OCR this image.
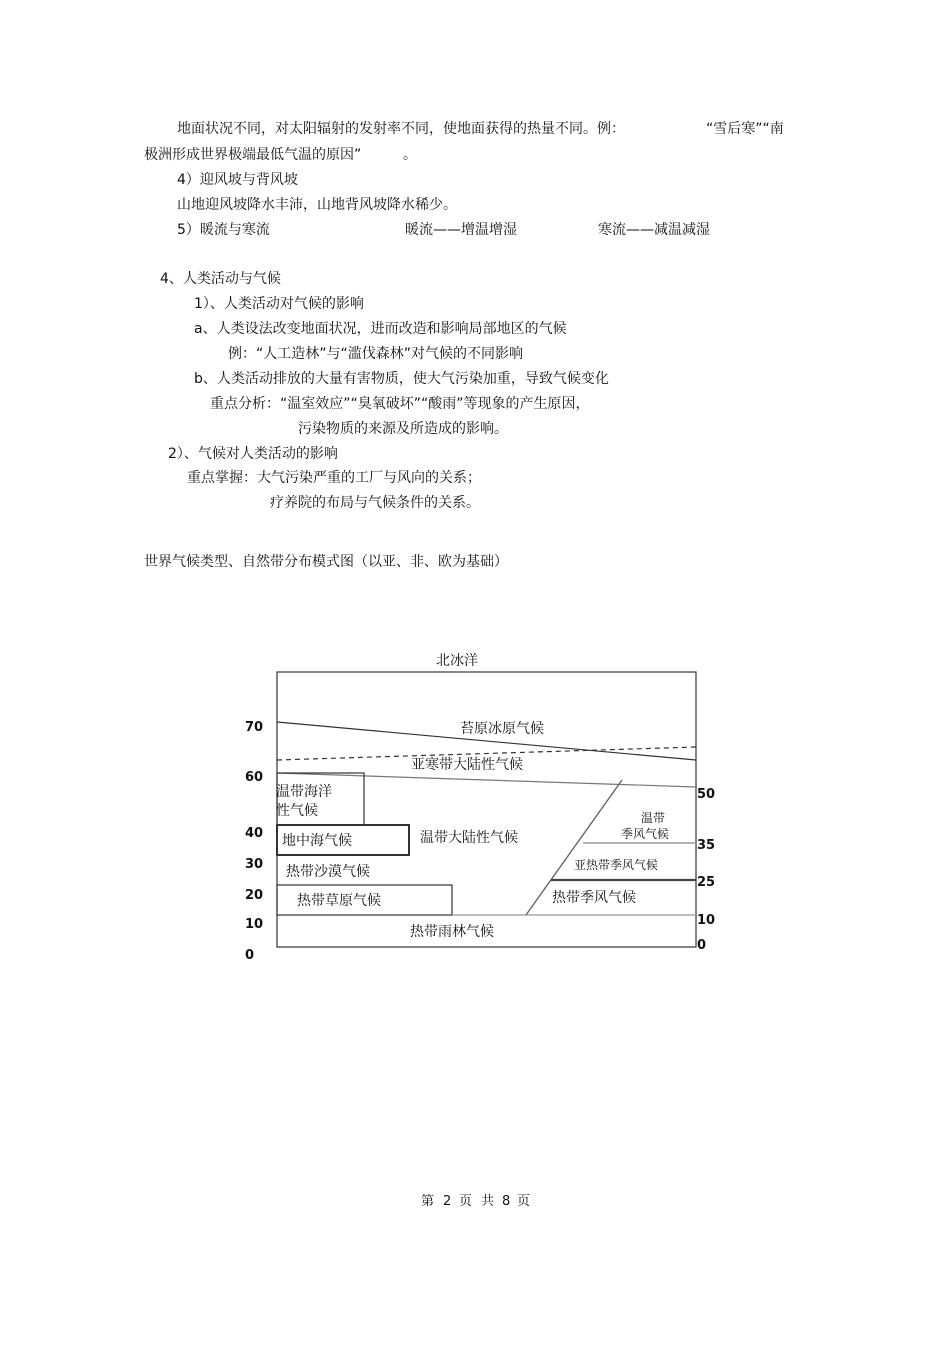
地面状况不同，对太阳辐射的发射率不同，使地面获得的热量不同。例：	“雪后寒”“南
极洲形成世界极端最低气温的原因”	。
4）迎风坡与背风坡
山地迎风坡降水丰沛，山地背风坡降水稀少。
5）暖流与寒流	暖流——增温增湿	寒流——减温减湿
4、人类活动与气候
1）、人类活动对气候的影响
a、人类设法改变地面状况，进而改造和影响局部地区的气候
例：“人工造林”与“滥伐森林”对气候的不同影响
b、人类活动排放的大量有害物质，使大气污染加重，导致气候变化
重点分析：“温室效应”“臭氧破坏”“酸雨”等现象的产生原因，
污染物质的来源及所造成的影响。
2）、气候对人类活动的影响
重点掌握：大气污染严重的工厂与风向的关系；
疗养院的布局与气候条件的关系。
世界气候类型、自然带分布模式图（以亚、非、欧为基础）
北冰洋
70
60
40
30
20
10
0
50
35
25
10
0
苔原冰原气候
亚寒带大陆性气候
温带海洋
性气候
地中海气候	温带大陆性气候
温带
季风气候
亚热带季风气候
热带沙漠气候
热带草原气候	热带季风气候
热带雨林气候
第 2 页 共 8 页
